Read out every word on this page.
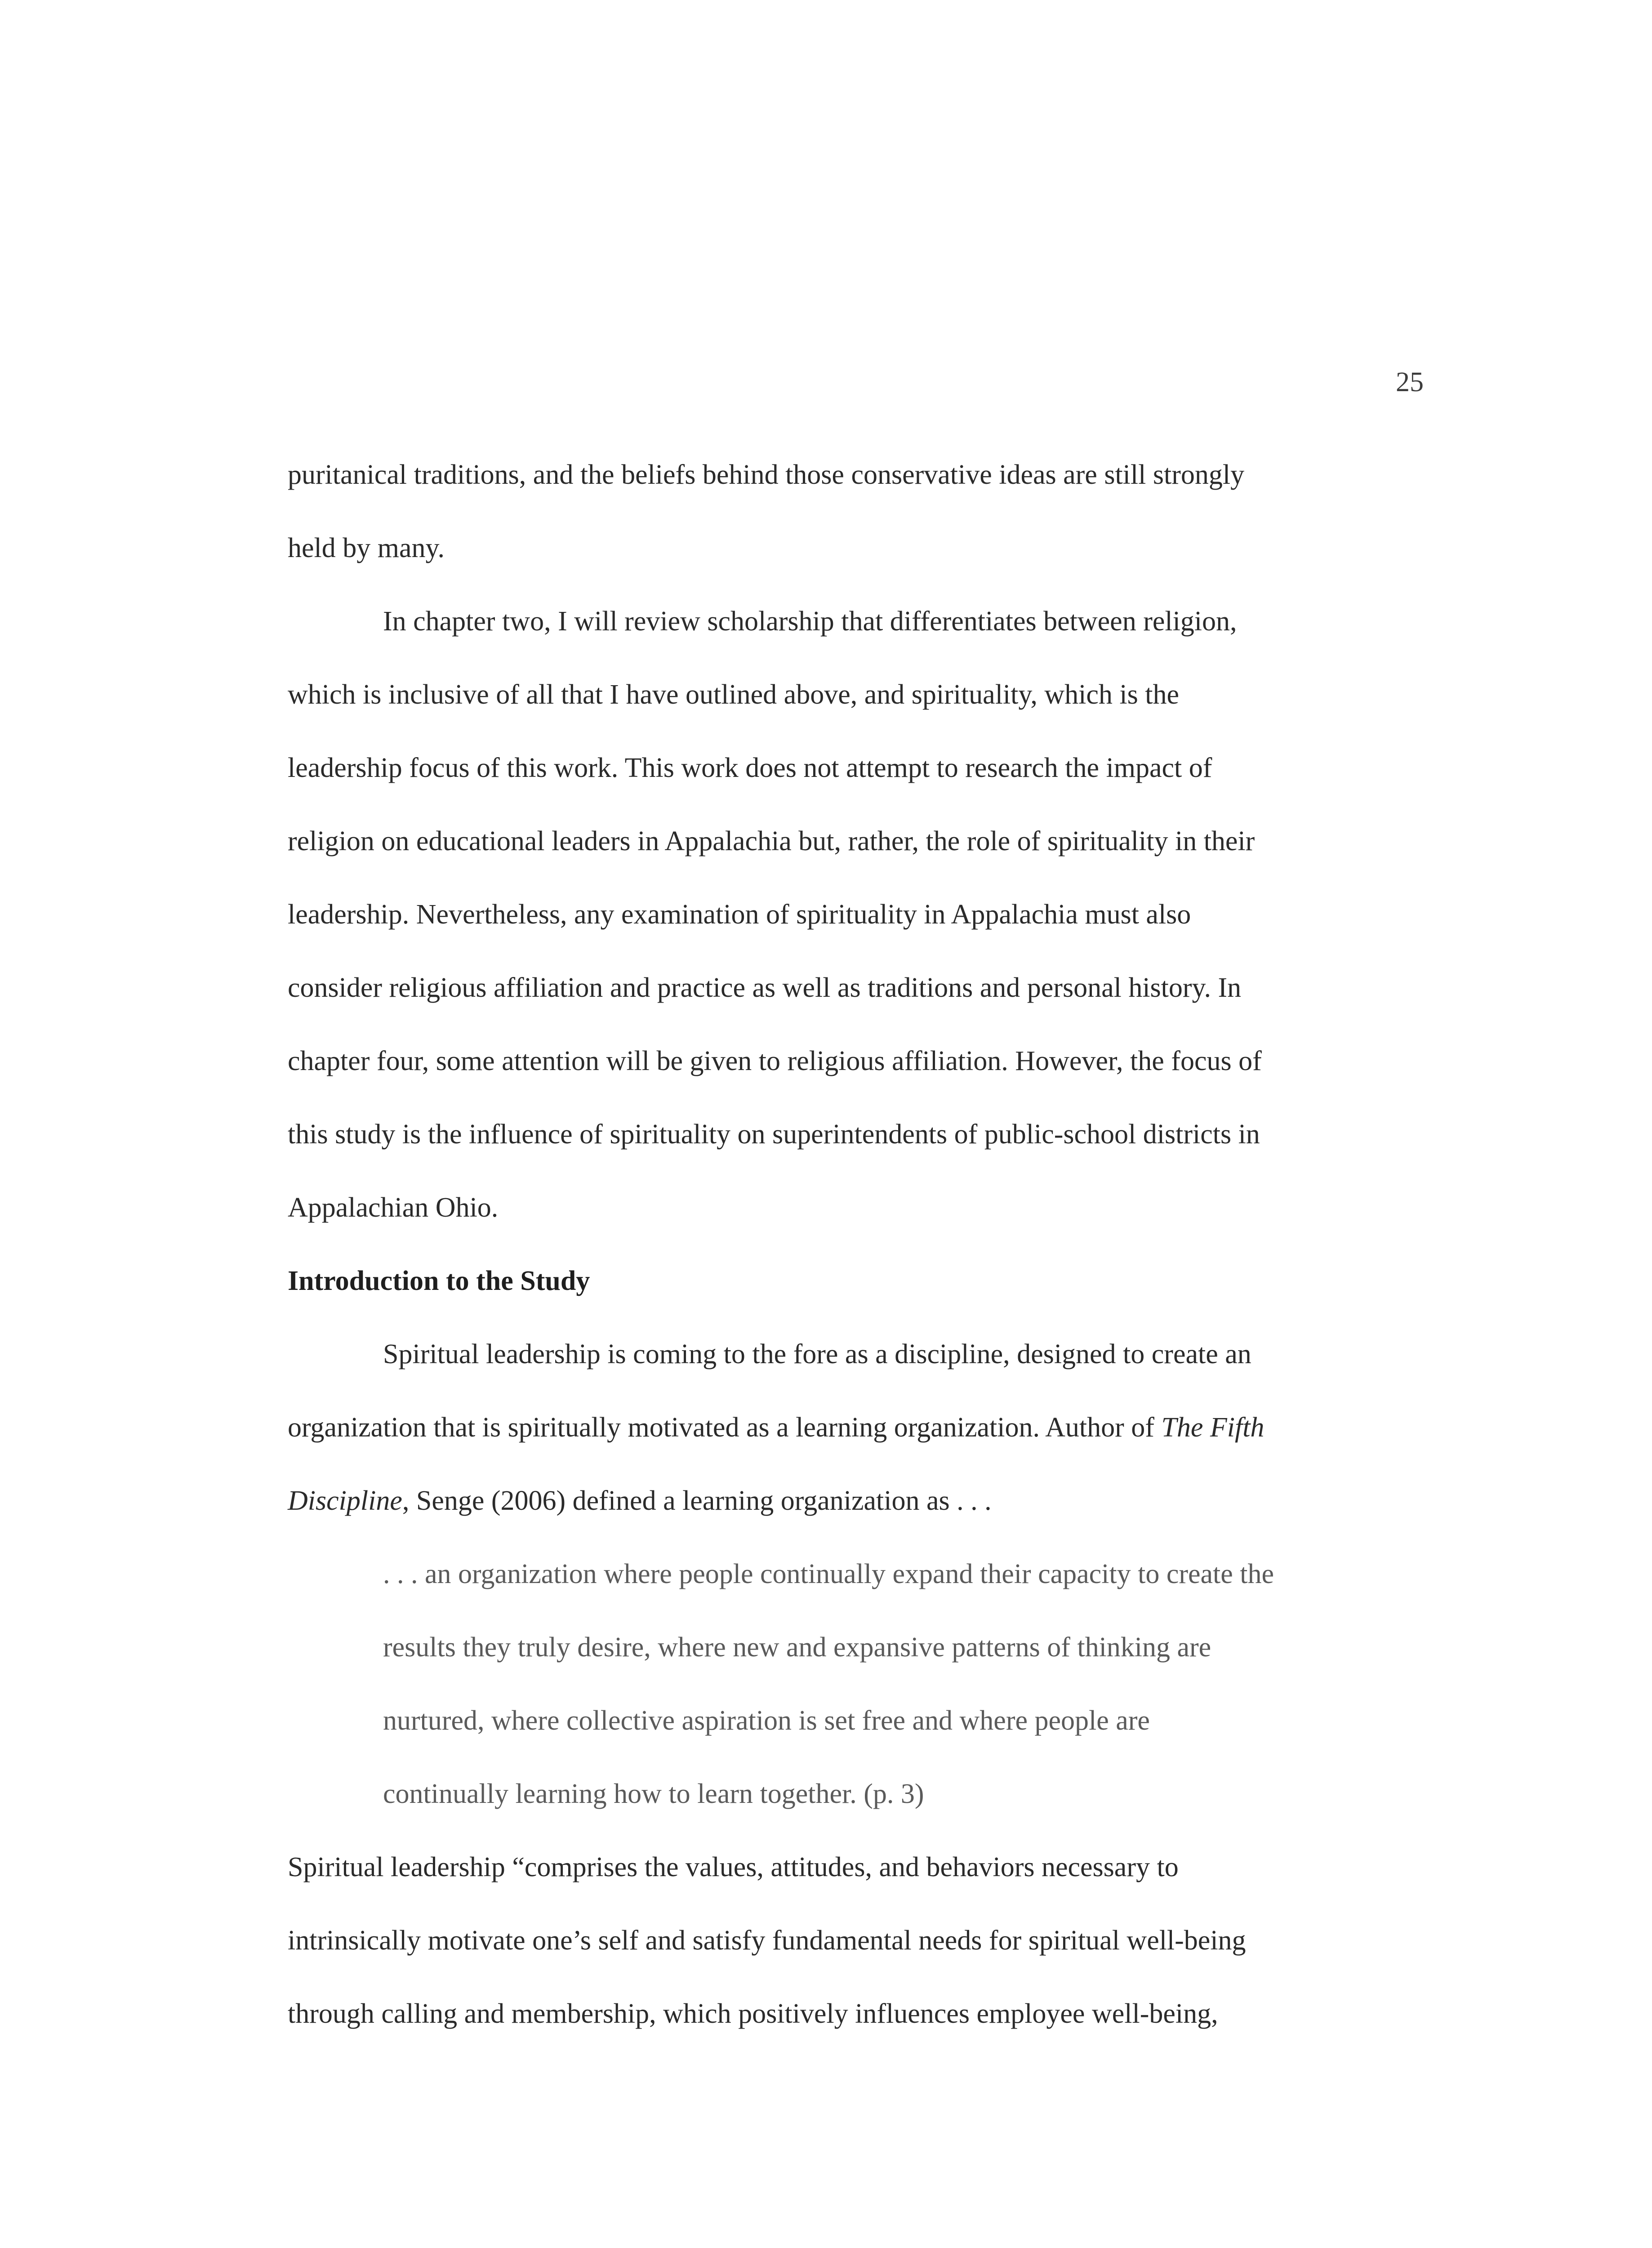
25

puritanical traditions, and the beliefs behind those conservative ideas are still strongly

held by many.

In chapter two, I will review scholarship that differentiates between religion,

which is inclusive of all that I have outlined above, and spirituality, which is the

leadership focus of this work. This work does not attempt to research the impact of

religion on educational leaders in Appalachia but, rather, the role of spirituality in their

leadership. Nevertheless, any examination of spirituality in Appalachia must also

consider religious affiliation and practice as well as traditions and personal history. In

chapter four, some attention will be given to religious affiliation. However, the focus of

this study is the influence of spirituality on superintendents of public-school districts in

Appalachian Ohio.

Introduction to the Study

Spiritual leadership is coming to the fore as a discipline, designed to create an

organization that is spiritually motivated as a learning organization. Author of The Fifth

Discipline, Senge (2006) defined a learning organization as . . .

. . . an organization where people continually expand their capacity to create the

results they truly desire, where new and expansive patterns of thinking are

nurtured, where collective aspiration is set free and where people are

continually learning how to learn together. (p. 3)

Spiritual leadership “comprises the values, attitudes, and behaviors necessary to

intrinsically motivate one’s self and satisfy fundamental needs for spiritual well-being

through calling and membership, which positively influences employee well-being,
